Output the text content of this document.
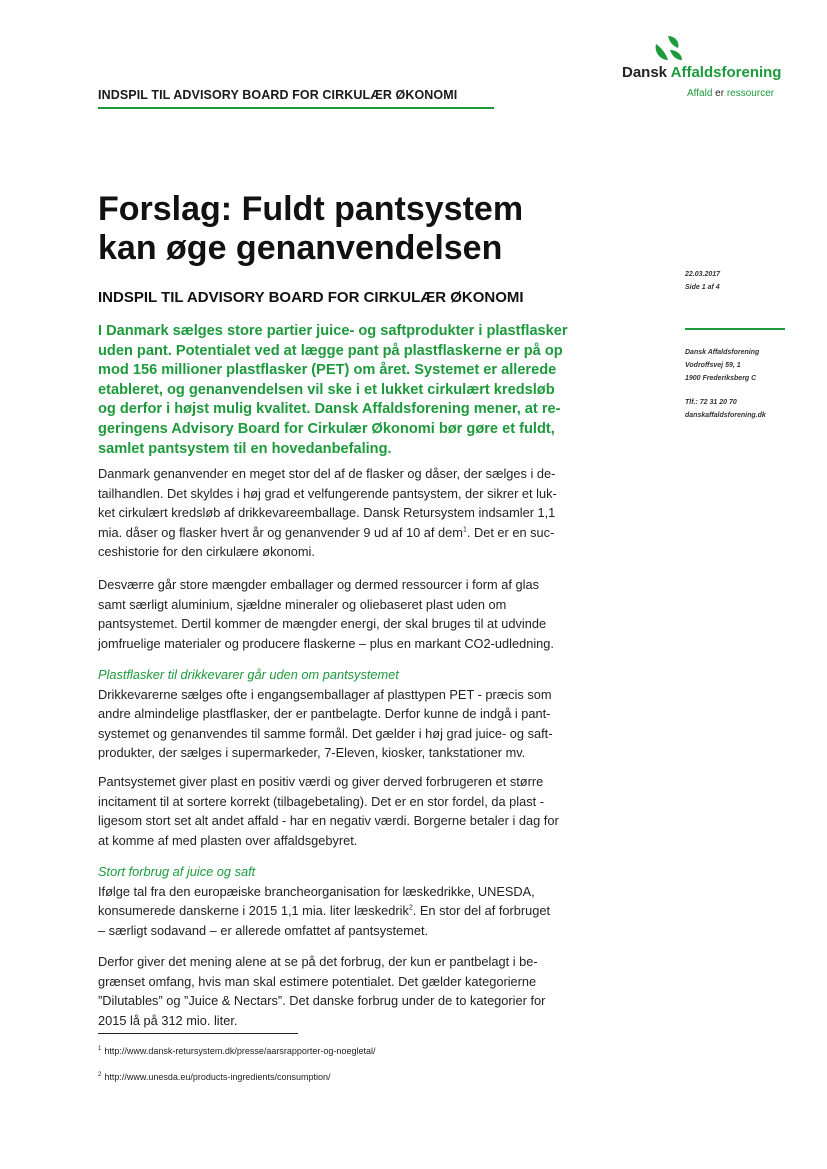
INDSPIL TIL ADVISORY BOARD FOR CIRKULÆR ØKONOMI
Dansk Affaldsforening
Affald er ressourcer
Forslag: Fuldt pantsystem
kan øge genanvendelsen
INDSPIL TIL ADVISORY BOARD FOR CIRKULÆR ØKONOMI
22.03.2017
Side 1 af 4
Dansk Affaldsforening
Vodroffsvej 59, 1
1900 Frederiksberg C
Tlf.: 72 31 20 70
danskaffaldsforening.dk
I Danmark sælges store partier juice- og saftprodukter i plastflasker
uden pant. Potentialet ved at lægge pant på plastflaskerne er på op
mod 156 millioner plastflasker (PET) om året. Systemet er allerede
etableret, og genanvendelsen vil ske i et lukket cirkulært kredsløb
og derfor i højst mulig kvalitet. Dansk Affaldsforening mener, at re-
geringens Advisory Board for Cirkulær Økonomi bør gøre et fuldt,
samlet pantsystem til en hovedanbefaling.
Danmark genanvender en meget stor del af de flasker og dåser, der sælges i de-
tailhandlen. Det skyldes i høj grad et velfungerende pantsystem, der sikrer et luk-
ket cirkulært kredsløb af drikkevareemballage. Dansk Retursystem indsamler 1,1
mia. dåser og flasker hvert år og genanvender 9 ud af 10 af dem$^1$. Det er en suc-
ceshistorie for den cirkulære økonomi.
Desværre går store mængder emballager og dermed ressourcer i form af glas
samt særligt aluminium, sjældne mineraler og oliebaseret plast uden om
pantsystemet. Dertil kommer de mængder energi, der skal bruges til at udvinde
jomfruelige materialer og producere flaskerne – plus en markant CO2-udledning.
Plastflasker til drikkevarer går uden om pantsystemet
Drikkevarerne sælges ofte i engangsemballager af plasttypen PET - præcis som
andre almindelige plastflasker, der er pantbelagte. Derfor kunne de indgå i pant-
systemet og genanvendes til samme formål. Det gælder i høj grad juice- og saft-
produkter, der sælges i supermarkeder, 7-Eleven, kiosker, tankstationer mv.
Pantsystemet giver plast en positiv værdi og giver derved forbrugeren et større
incitament til at sortere korrekt (tilbagebetaling). Det er en stor fordel, da plast -
ligesom stort set alt andet affald - har en negativ værdi. Borgerne betaler i dag for
at komme af med plasten over affaldsgebyret.
Stort forbrug af juice og saft
Ifølge tal fra den europæiske brancheorganisation for læskedrikke, UNESDA,
konsumerede danskerne i 2015 1,1 mia. liter læskedrik$^2$. En stor del af forbruget
– særligt sodavand – er allerede omfattet af pantsystemet.
Derfor giver det mening alene at se på det forbrug, der kun er pantbelagt i be-
grænset omfang, hvis man skal estimere potentialet. Det gælder kategorierne
”Dilutables” og ”Juice & Nectars”. Det danske forbrug under de to kategorier for
2015 lå på 312 mio. liter.
$^1$ http://www.dansk-retursystem.dk/presse/aarsrapporter-og-noegletal/
$^2$ http://www.unesda.eu/products-ingredients/consumption/
